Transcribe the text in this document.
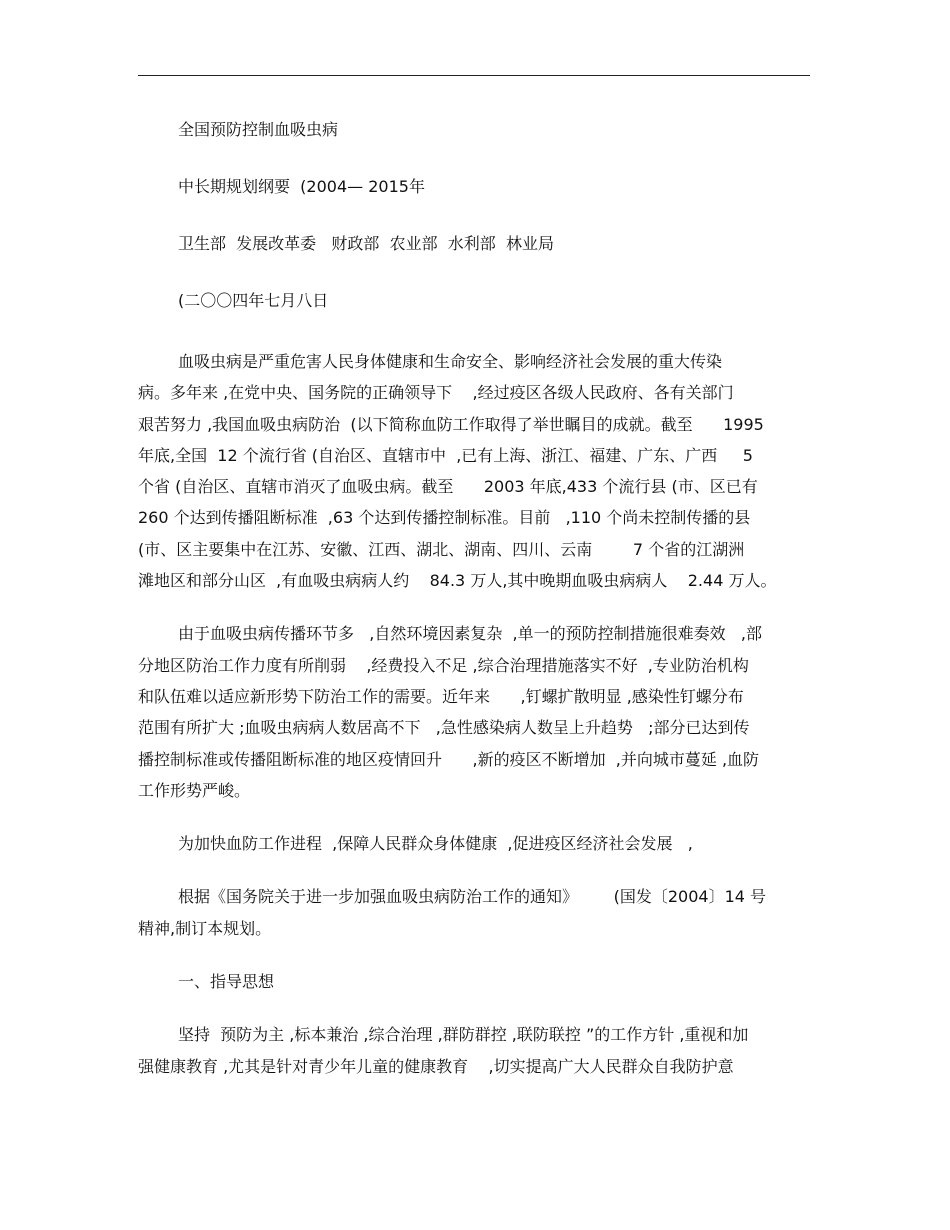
全国预防控制血吸虫病
中长期规划纲要  (2004— 2015年
卫生部  发展改革委   财政部  农业部  水利部  林业局
(二〇〇四年七月八日
血吸虫病是严重危害人民身体健康和生命安全、影响经济社会发展的重大传染
病。多年来 ,在党中央、国务院的正确领导下    ,经过疫区各级人民政府、各有关部门
艰苦努力 ,我国血吸虫病防治  (以下简称血防工作取得了举世瞩目的成就。截至      1995
年底,全国  12 个流行省 (自治区、直辖市中  ,已有上海、浙江、福建、广东、广西     5
个省 (自治区、直辖市消灭了血吸虫病。截至      2003 年底,433 个流行县 (市、区已有
260 个达到传播阻断标准  ,63 个达到传播控制标准。目前   ,110 个尚未控制传播的县
(市、区主要集中在江苏、安徽、江西、湖北、湖南、四川、云南        7 个省的江湖洲
滩地区和部分山区  ,有血吸虫病病人约    84.3 万人,其中晚期血吸虫病病人    2.44 万人。
由于血吸虫病传播环节多   ,自然环境因素复杂  ,单一的预防控制措施很难奏效   ,部
分地区防治工作力度有所削弱    ,经费投入不足 ,综合治理措施落实不好  ,专业防治机构
和队伍难以适应新形势下防治工作的需要。近年来      ,钉螺扩散明显 ,感染性钉螺分布
范围有所扩大 ;血吸虫病病人数居高不下   ,急性感染病人数呈上升趋势   ;部分已达到传
播控制标准或传播阻断标准的地区疫情回升      ,新的疫区不断增加  ,并向城市蔓延 ,血防
工作形势严峻。
为加快血防工作进程  ,保障人民群众身体健康  ,促进疫区经济社会发展   ,
根据《国务院关于进一步加强血吸虫病防治工作的通知》       (国发〔2004〕14 号
精神,制订本规划。
一、指导思想
坚持  预防为主 ,标本兼治 ,综合治理 ,群防群控 ,联防联控 ”的工作方针 ,重视和加
强健康教育 ,尤其是针对青少年儿童的健康教育    ,切实提高广大人民群众自我防护意
